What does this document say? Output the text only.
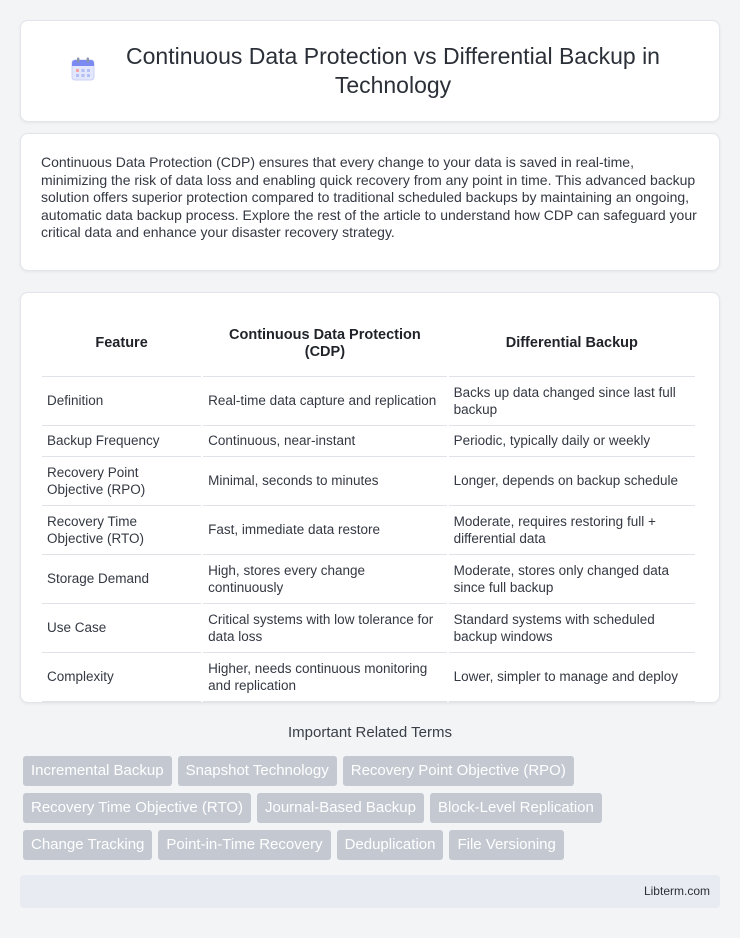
Continuous Data Protection vs Differential Backup in Technology

Continuous Data Protection (CDP) ensures that every change to your data is saved in real-time, minimizing the risk of data loss and enabling quick recovery from any point in time. This advanced backup solution offers superior protection compared to traditional scheduled backups by maintaining an ongoing, automatic data backup process. Explore the rest of the article to understand how CDP can safeguard your critical data and enhance your disaster recovery strategy.

Feature	Continuous Data Protection (CDP)	Differential Backup
Definition	Real-time data capture and replication	Backs up data changed since last full backup
Backup Frequency	Continuous, near-instant	Periodic, typically daily or weekly
Recovery Point Objective (RPO)	Minimal, seconds to minutes	Longer, depends on backup schedule
Recovery Time Objective (RTO)	Fast, immediate data restore	Moderate, requires restoring full + differential data
Storage Demand	High, stores every change continuously	Moderate, stores only changed data since full backup
Use Case	Critical systems with low tolerance for data loss	Standard systems with scheduled backup windows
Complexity	Higher, needs continuous monitoring and replication	Lower, simpler to manage and deploy
Important Related Terms
Incremental Backup	Snapshot Technology	Recovery Point Objective (RPO)
Recovery Time Objective (RTO)	Journal-Based Backup	Block-Level Replication
Change Tracking	Point-in-Time Recovery	Deduplication	File Versioning
Libterm.com
